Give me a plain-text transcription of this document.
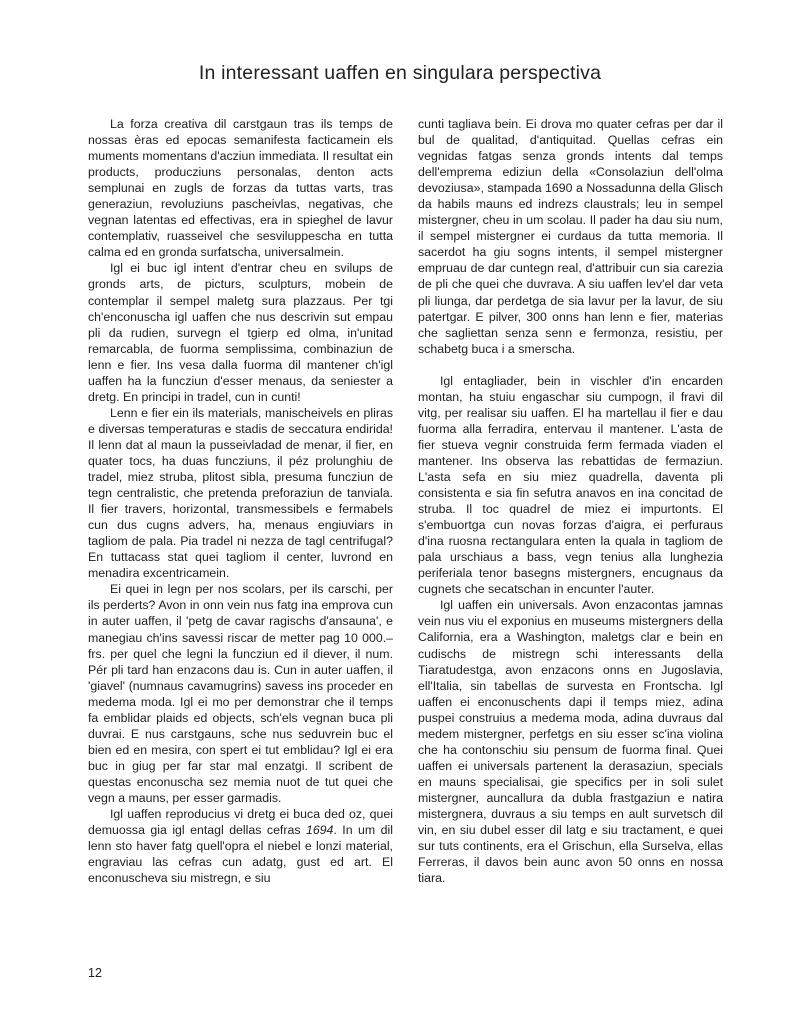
In interessant uaffen en singulara perspectiva

La forza creativa dil carstgaun tras ils temps de nossas èras ed epocas semanifesta facticamein els muments momentans d'acziun immediata. Il resultat ein products, producziuns personalas, denton acts semplunai en zugls de forzas da tuttas varts, tras generaziun, revoluziuns pascheivlas, negativas, che vegnan latentas ed effectivas, era in spieghel de lavur contemplativ, ruasseivel che sesviluppescha en tutta calma ed en gronda surfatscha, universalmein.

Igl ei buc igl intent d'entrar cheu en svilups de gronds arts, de picturs, sculpturs, mobein de contemplar il sempel maletg sura plazzaus. Per tgi ch'enconuscha igl uaffen che nus descrivin sut empau pli da rudien, survegn el tgierp ed olma, in'unitad remarcabla, de fuorma semplissima, combinaziun de lenn e fier. Ins vesa dalla fuorma dil mantener ch'igl uaffen ha la funcziun d'esser menaus, da seniester a dretg. En principi in tradel, cun in cunti!

Lenn e fier ein ils materials, manischeivels en pliras e diversas temperaturas e stadis de seccatura endirida! Il lenn dat al maun la pusseivladad de menar, il fier, en quater tocs, ha duas funcziuns, il péz prolunghiu de tradel, miez struba, plitost sibla, presuma funcziun de tegn centralistic, che pretenda preforaziun de tanviala. Il fier travers, horizontal, transmessibels e fermabels cun dus cugns advers, ha, menaus engiuviars in tagliom de pala. Pia tradel ni nezza de tagl centrifugal? En tuttacass stat quei tagliom il center, luvrond en menadira excentricamein.

Ei quei in legn per nos scolars, per ils carschi, per ils perderts? Avon in onn vein nus fatg ina emprova cun in auter uaffen, il 'petg de cavar ragischs d'ansauna', e manegiau ch'ins savessi riscar de metter pag 10 000.– frs. per quel che legni la funcziun ed il diever, il num. Pér pli tard han enzacons dau is. Cun in auter uaffen, il 'giavel' (numnaus cavamugrins) savess ins proceder en medema moda. Igl ei mo per demonstrar che il temps fa emblidar plaids ed objects, sch'els vegnan buca pli duvrai. E nus carstgauns, sche nus seduvrein buc el bien ed en mesira, con spert ei tut emblidau? Igl ei era buc in giug per far star mal enzatgi. Il scribent de questas enconuscha sez memia nuot de tut quei che vegn a mauns, per esser garmadis.

Igl uaffen reproducius vi dretg ei buca ded oz, quei demuossa gia igl entagl dellas cefras 1694. In um dil lenn sto haver fatg quell'opra el niebel e lonzi material, engraviau las cefras cun adatg, gust ed art. El enconuscheva siu mistregn, e siu

cunti tagliava bein. Ei drova mo quater cefras per dar il bul de qualitad, d'antiquitad. Quellas cefras ein vegnidas fatgas senza gronds intents dal temps dell'emprema ediziun della «Consolaziun dell'olma devoziusa», stampada 1690 a Nossadunna della Glisch da habils mauns ed indrezs claustrals; leu in sempel mistergner, cheu in um scolau. Il pader ha dau siu num, il sempel mistergner ei curdaus da tutta memoria. Il sacerdot ha giu sogns intents, il sempel mistergner empruau de dar cuntegn real, d'attribuir cun sia carezia de pli che quei che duvrava. A siu uaffen lev'el dar veta pli liunga, dar perdetga de sia lavur per la lavur, de siu patertgar. E pilver, 300 onns han lenn e fier, materias che sagliettan senza senn e fermonza, resistiu, per schabetg buca i a smerscha.

Igl entagliader, bein in vischler d'in encarden montan, ha stuiu engaschar siu cumpogn, il fravi dil vitg, per realisar siu uaffen. El ha martellau il fier e dau fuorma alla ferradira, entervau il mantener. L'asta de fier stueva vegnir construida ferm fermada viaden el mantener. Ins observa las rebattidas de fermaziun. L'asta sefa en siu miez quadrella, daventa pli consistenta e sia fin sefutra anavos en ina concitad de struba. Il toc quadrel de miez ei impurtonts. El s'embuortga cun novas forzas d'aigra, ei perfuraus d'ina ruosna rectangulara enten la quala in tagliom de pala urschiaus a bass, vegn tenius alla lunghezia periferiala tenor basegns mistergners, encugnaus da cugnets che secatschan in encunter l'auter.

Igl uaffen ein universals. Avon enzacontas jamnas vein nus viu el exponius en museums mistergners della California, era a Washington, maletgs clar e bein en cudischs de mistregn schi interessants della Tiaratudestga, avon enzacons onns en Jugoslavia, ell'Italia, sin tabellas de survesta en Frontscha. Igl uaffen ei enconuschents dapi il temps miez, adina puspei construius a medema moda, adina duvraus dal medem mistergner, perfetgs en siu esser sc'ina violina che ha contonschiu siu pensum de fuorma final. Quei uaffen ei universals partenent la derasaziun, specials en mauns specialisai, gie specifics per in soli sulet mistergner, auncallura da dubla frastgaziun e natira mistergnera, duvraus a siu temps en ault survetsch dil vin, en siu dubel esser dil latg e siu tractament, e quei sur tuts continents, era el Grischun, ella Surselva, ellas Ferreras, il davos bein aunc avon 50 onns en nossa tiara.

12
